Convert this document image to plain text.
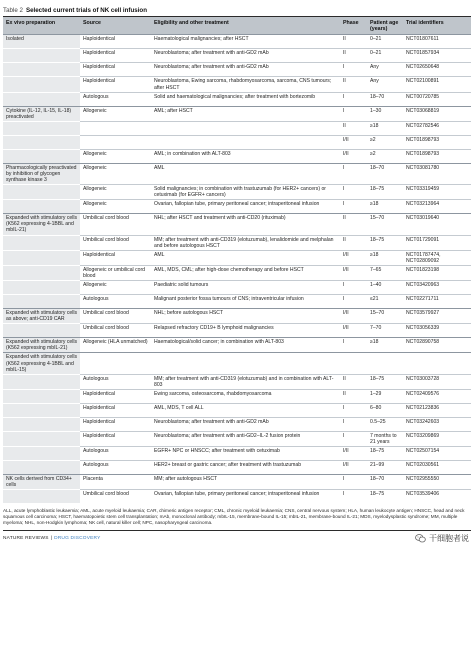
Table 2 Selected current trials of NK cell infusion
Ex vivo preparation	Source	Eligibility and other treatment	Phase	Patient age (years)	Trial identifiers
Isolated	Haploidentical	Haematological malignancies; after HSCT	II	0–21	NCT01807611
	Haploidentical	Neuroblastoma; after treatment with anti-GD2 mAb	II	0–21	NCT01857934
	Haploidentical	Neuroblastoma; after treatment with anti-GD2 mAb	I	Any	NCT02650648
	Haploidentical	Neuroblastoma, Ewing sarcoma, rhabdomyosarcoma, sarcoma, CNS tumours; after HSCT	II	Any	NCT02100891
	Autologous	Solid and haematological malignancies; after treatment with bortezomib	I	18–70	NCT00720785
Cytokine (IL-12, IL-15, IL-18) preactivated	Allogeneic	AML; after HSCT	I	1–30	NCT03068819
			II	≥18	NCT02782546
			I/II	≥2	NCT01898793
	Allogeneic	AML; in combination with ALT-803	I/II	≥2	NCT01898793
Pharmacologically preactivated by inhibition of glycogen synthase kinase 3	Allogeneic	AML	I	18–70	NCT03081780
	Allogeneic	Solid malignancies; in combination with trastuzumab (for HER2+ cancers) or cetuximab (for EGFR+ cancers)	I	18–75	NCT03319459
	Allogeneic	Ovarian, fallopian tube, primary peritoneal cancer; intraperitoneal infusion	I	≥18	NCT03213964
Expanded with stimulatory cells (K562 expressing 4-1BBL and mbIL-21)	Umbilical cord blood	NHL; after HSCT and treatment with anti-CD20 (rituximab)	II	15–70	NCT03019640
	Umbilical cord blood	MM; after treatment with anti-CD319 (elotuzumab), lenalidomide and melphalan and before autologous HSCT	II	18–75	NCT01729091
	Haploidentical	AML	I/II	≥18	NCT01787474, NCT02809092
	Allogeneic or umbilical cord blood	AML, MDS, CML; after high-dose chemotherapy and before HSCT	I/II	7–65	NCT01823198
	Allogeneic	Paediatric solid tumours	I	1–40	NCT03420963
	Autologous	Malignant posterior fossa tumours of CNS; intraventricular infusion	I	≤21	NCT02271711
Expanded with stimulatory cells as above; anti-CD19 CAR	Umbilical cord blood	NHL; before autologous HSCT	I/II	15–70	NCT03579927
	Umbilical cord blood	Relapsed refractory CD19+ B lymphoid malignancies	I/II	7–70	NCT03056339
Expanded with stimulatory cells (K562 expressing mbIL-21)	Allogeneic (HLA unmatched)	Haematological/solid cancer; in combination with ALT-803	I	≥18	NCT02890758
Expanded with stimulatory cells (K562 expressing 4-1BBL and mbIL-15)					
	Autologous	MM; after treatment with anti-CD319 (elotuzumab) and in combination with ALT-803	II	18–75	NCT03003728
	Haploidentical	Ewing sarcoma, osteosarcoma, rhabdomyosarcoma	II	1–29	NCT02409576
	Haploidentical	AML, MDS, T cell ALL	I	6–80	NCT02123836
	Haploidentical	Neuroblastoma; after treatment with anti-GD2 mAb	I	0.5–25	NCT03242603
	Haploidentical	Neuroblastoma; after treatment with anti-GD2–IL-2 fusion protein	I	7 months to 21 years	NCT03209869
	Autologous	EGFR+ NPC or HNSCC; after treatment with cetuximab	I/II	18–75	NCT02507154
	Autologous	HER2+ breast or gastric cancer; after treatment with trastuzumab	I/II	21–99	NCT02030561
NK cells derived from CD34+ cells	Placenta	MM; after autologous HSCT	I	18–70	NCT02955550
	Umbilical cord blood	Ovarian, fallopian tube, primary peritoneal cancer; intraperitoneal infusion	I	18–75	NCT03539406
ALL, acute lymphoblastic leukaemia; AML, acute myeloid leukaemia; CAR, chimeric antigen receptor; CML, chronic myeloid leukaemia; CNS, central nervous system; HLA, human leukocyte antigen; HNSCC, head and neck squamous cell carcinoma; HSCT, haematopoietic stem cell transplantation; mAb, monoclonal antibody; mbIL-15, membrane-bound IL-15; mbIL-21, membrane-bound IL-21; MDS, myelodysplastic syndrome; MM, multiple myeloma; NHL, non-Hodgkin lymphoma; NK cell, natural killer cell; NPC, nasopharyngeal carcinoma.
NATURE REVIEWS | DRUG DISCOVERY	干细胞者说
